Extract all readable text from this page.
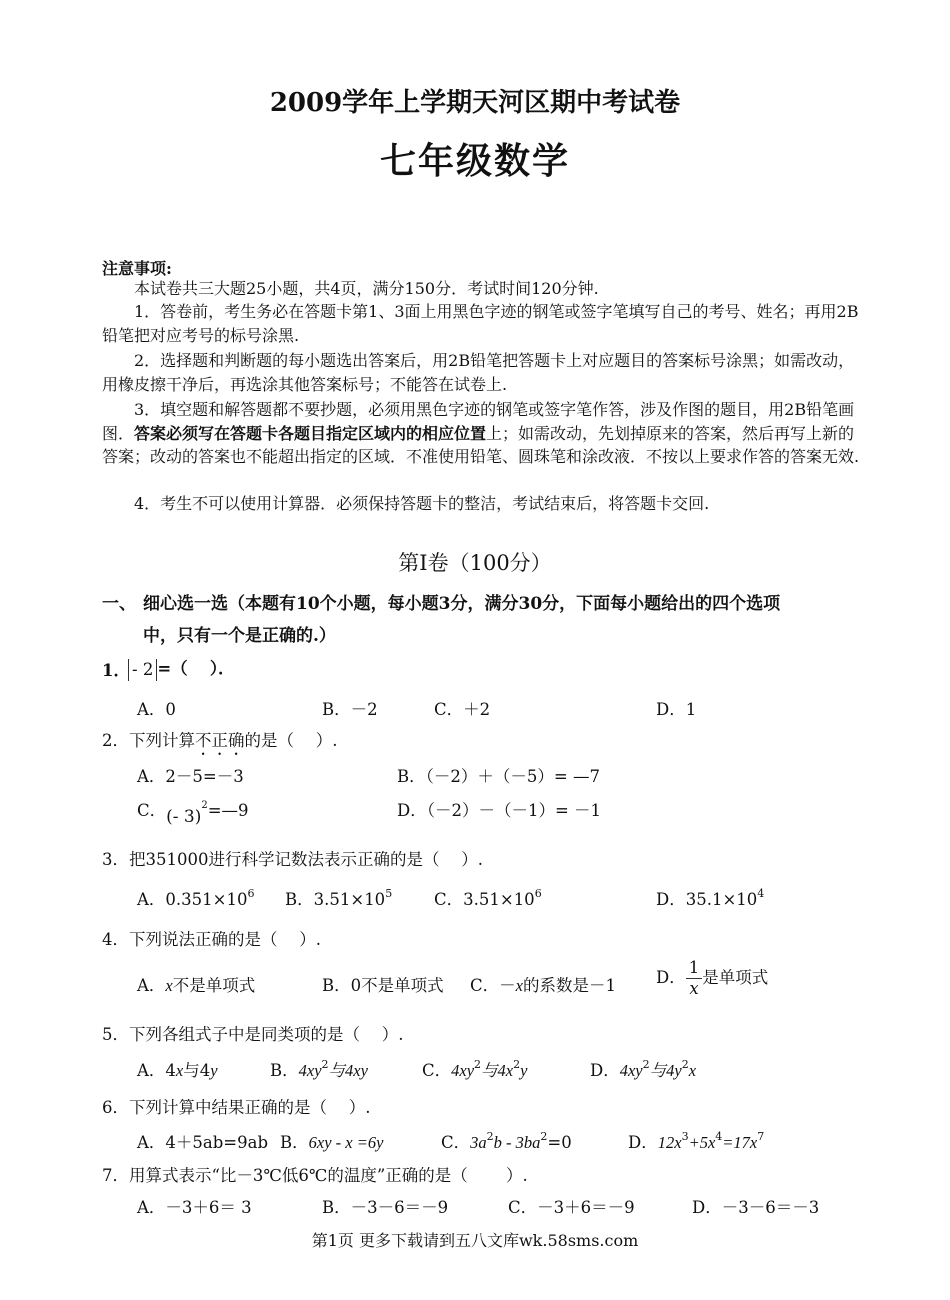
2009学年上学期天河区期中考试卷
七年级数学
注意事项:
本试卷共三大题25小题，共4页，满分150分．考试时间120分钟.
1．答卷前，考生务必在答题卡第1、3面上用黑色字迹的钢笔或签字笔填写自己的考号、姓名；再用2B铅笔把对应考号的标号涂黑.
2．选择题和判断题的每小题选出答案后，用2B铅笔把答题卡上对应题目的答案标号涂黑；如需改动，用橡皮擦干净后，再选涂其他答案标号；不能答在试卷上.
3．填空题和解答题都不要抄题，必须用黑色字迹的钢笔或签字笔作答，涉及作图的题目，用2B铅笔画图．答案必须写在答题卡各题目指定区域内的相应位置上；如需改动，先划掉原来的答案，然后再写上新的答案；改动的答案也不能超出指定的区域．不准使用铅笔、圆珠笔和涂改液．不按以上要求作答的答案无效.
4．考生不可以使用计算器．必须保持答题卡的整洁，考试结束后，将答题卡交回.
第Ⅰ卷（100分）
一、 细心选一选（本题有10个小题，每小题3分，满分30分，下面每小题给出的四个选项
中，只有一个是正确的.）
1． - 2 =（　 ）．
A．0	B．－2	C．＋2	D．1
2．下列计算不正确的是（　 ）.
A．2－5=－3	B．（－2）＋（－5）= —7
C．(- 3)$^2$=—9	D．（－2）－（－1）= －1
3．把351000进行科学记数法表示正确的是（　 ）.
A．$0.351\times 10^6$ B．$3.51\times 10^5$	C．$3.51\times 10^6$	D．$35.1\times 10^4$
4．下列说法正确的是（　 ）.
A．x不是单项式	B．0不是单项式 C．－x的系数是－1 D． $\frac{1}{x}$ 是单项式
5．下列各组式子中是同类项的是（　 ）.
A．4x与4y	B．$4xy^2$与4xy	C．$4xy^2$与$4x^2y$	D．$4xy^2$与$4y^2x$
6．下列计算中结果正确的是（　 ）.
A．4＋5ab=9ab B．6xy - x =6y	C．$3a^2b - 3ba^2=0$	D．$12x^3+5x^4=17x^7$
7．用算式表示“比－3℃低6℃的温度”正确的是（　　 ）.
A．－3＋6＝ 3	B．－3－6＝－9	C．－3＋6＝－9	D．－3－6＝－3
第1页 更多下载请到五八文库wk.58sms.com
